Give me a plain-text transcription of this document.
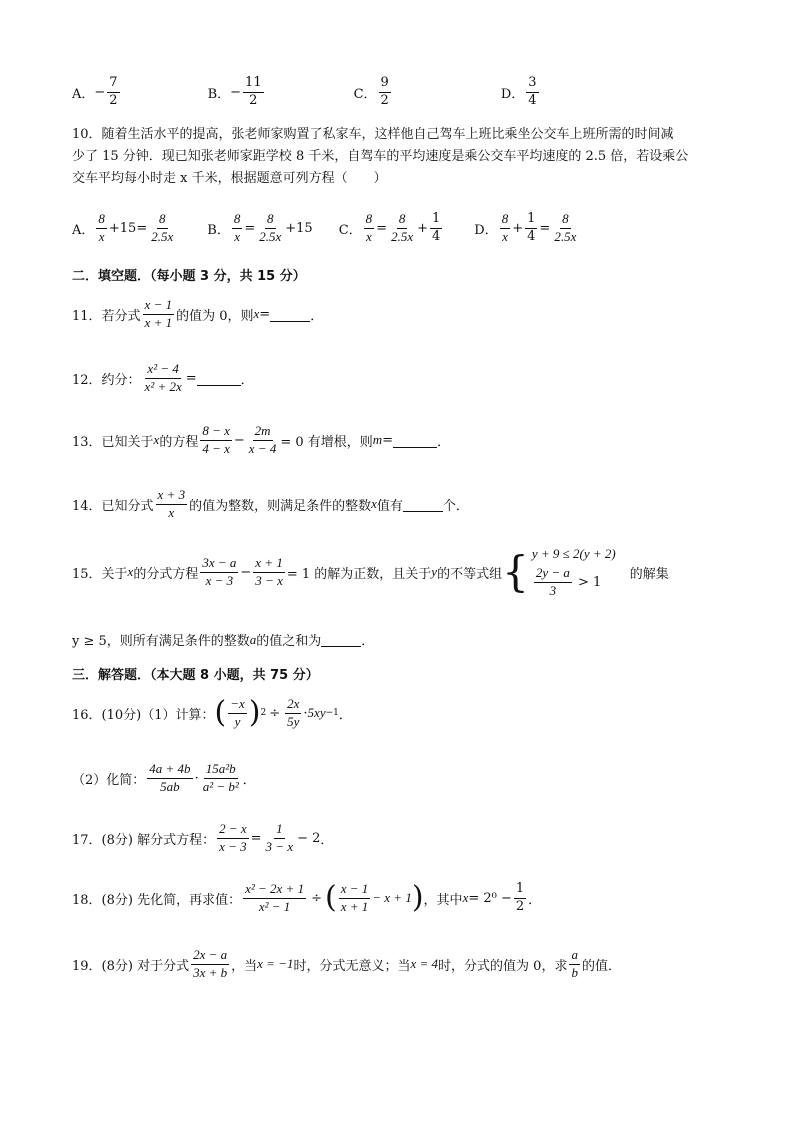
A． − $\frac{7}{2}$	B． − $\frac{11}{2}$	C． $\frac{9}{2}$	D． $\frac{3}{4}$
10．随着生活水平的提高，张老师家购置了私家车，这样他自己驾车上班比乘坐公交车上班所需的时间减
少了 15 分钟．现已知张老师家距学校 8 千米，自驾车的平均速度是乘公交车平均速度的 2.5 倍，若设乘公
交车平均每小时走 x 千米，根据题意可列方程（　　）
A． $\frac{8}{x} +15 = \frac{8}{2.5x}$ B． $\frac{8}{x} = \frac{8}{2.5x} +15$ C． $\frac{8}{x} = \frac{8}{2.5x} + \frac{1}{4}$ D． $\frac{8}{x} + \frac{1}{4} = \frac{8}{2.5x}$
二．填空题．（每小题 3 分，共 15 分）
11．若分式 $\frac{x - 1}{x + 1}$ 的值为 0，则 x =	．
12．约分： $\frac{\text{x² − 4}}{\text{x² + 2x}}$ =	．
13．已知关于 x 的方程 $\frac{8 - x}{4 - x} - \frac{2m}{x - 4} = 0$ 有增根，则 m =	．
14．已知分式 $\frac{x + 3}{x}$ 的值为整数，则满足条件的整数 x 值有	个．
15．关于 x 的分式方程 $\frac{3x - a}{x - 3} - \frac{x + 1}{3 - x} = 1$ 的解为正数，且关于 y 的不等式组 { y + 9 ≤ 2(y + 2)
$\frac{2y - a}{3} > 1$
的解集
y ≥ 5，则所有满足条件的整数 a 的值之和为	．
三．解答题．（本大题 8 小题，共 75 分）
16．(10分)（1）计算： ( $\frac{-x}{y}$ ) $2 \div \frac{2x}{5y} \cdot 5xy -1$ ．
（2）化简： $\frac{4a + 4b}{5ab} \cdot \frac{\text{15a²b}}{\text{a² − b²}}$ ．
17．(8分) 解分式方程： $\frac{2 - x}{x - 3} = \frac{1}{3 - x} - 2$ ．
18．(8分) 先化简，再求值： $\frac{\text{x² − 2x + 1}}{\text{x² − 1}}$ ÷ ( $\frac{x - 1}{x + 1} - x + 1$ ) ，其中 $x = 2^0 - \frac{1}{2}$ ．
19．(8分) 对于分式 $\frac{2x - a}{3x + b}$ ，当 x = −1 时，分式无意义；当 x = 4 时，分式的值为 0，求 $\frac{a}{b}$ 的值．
